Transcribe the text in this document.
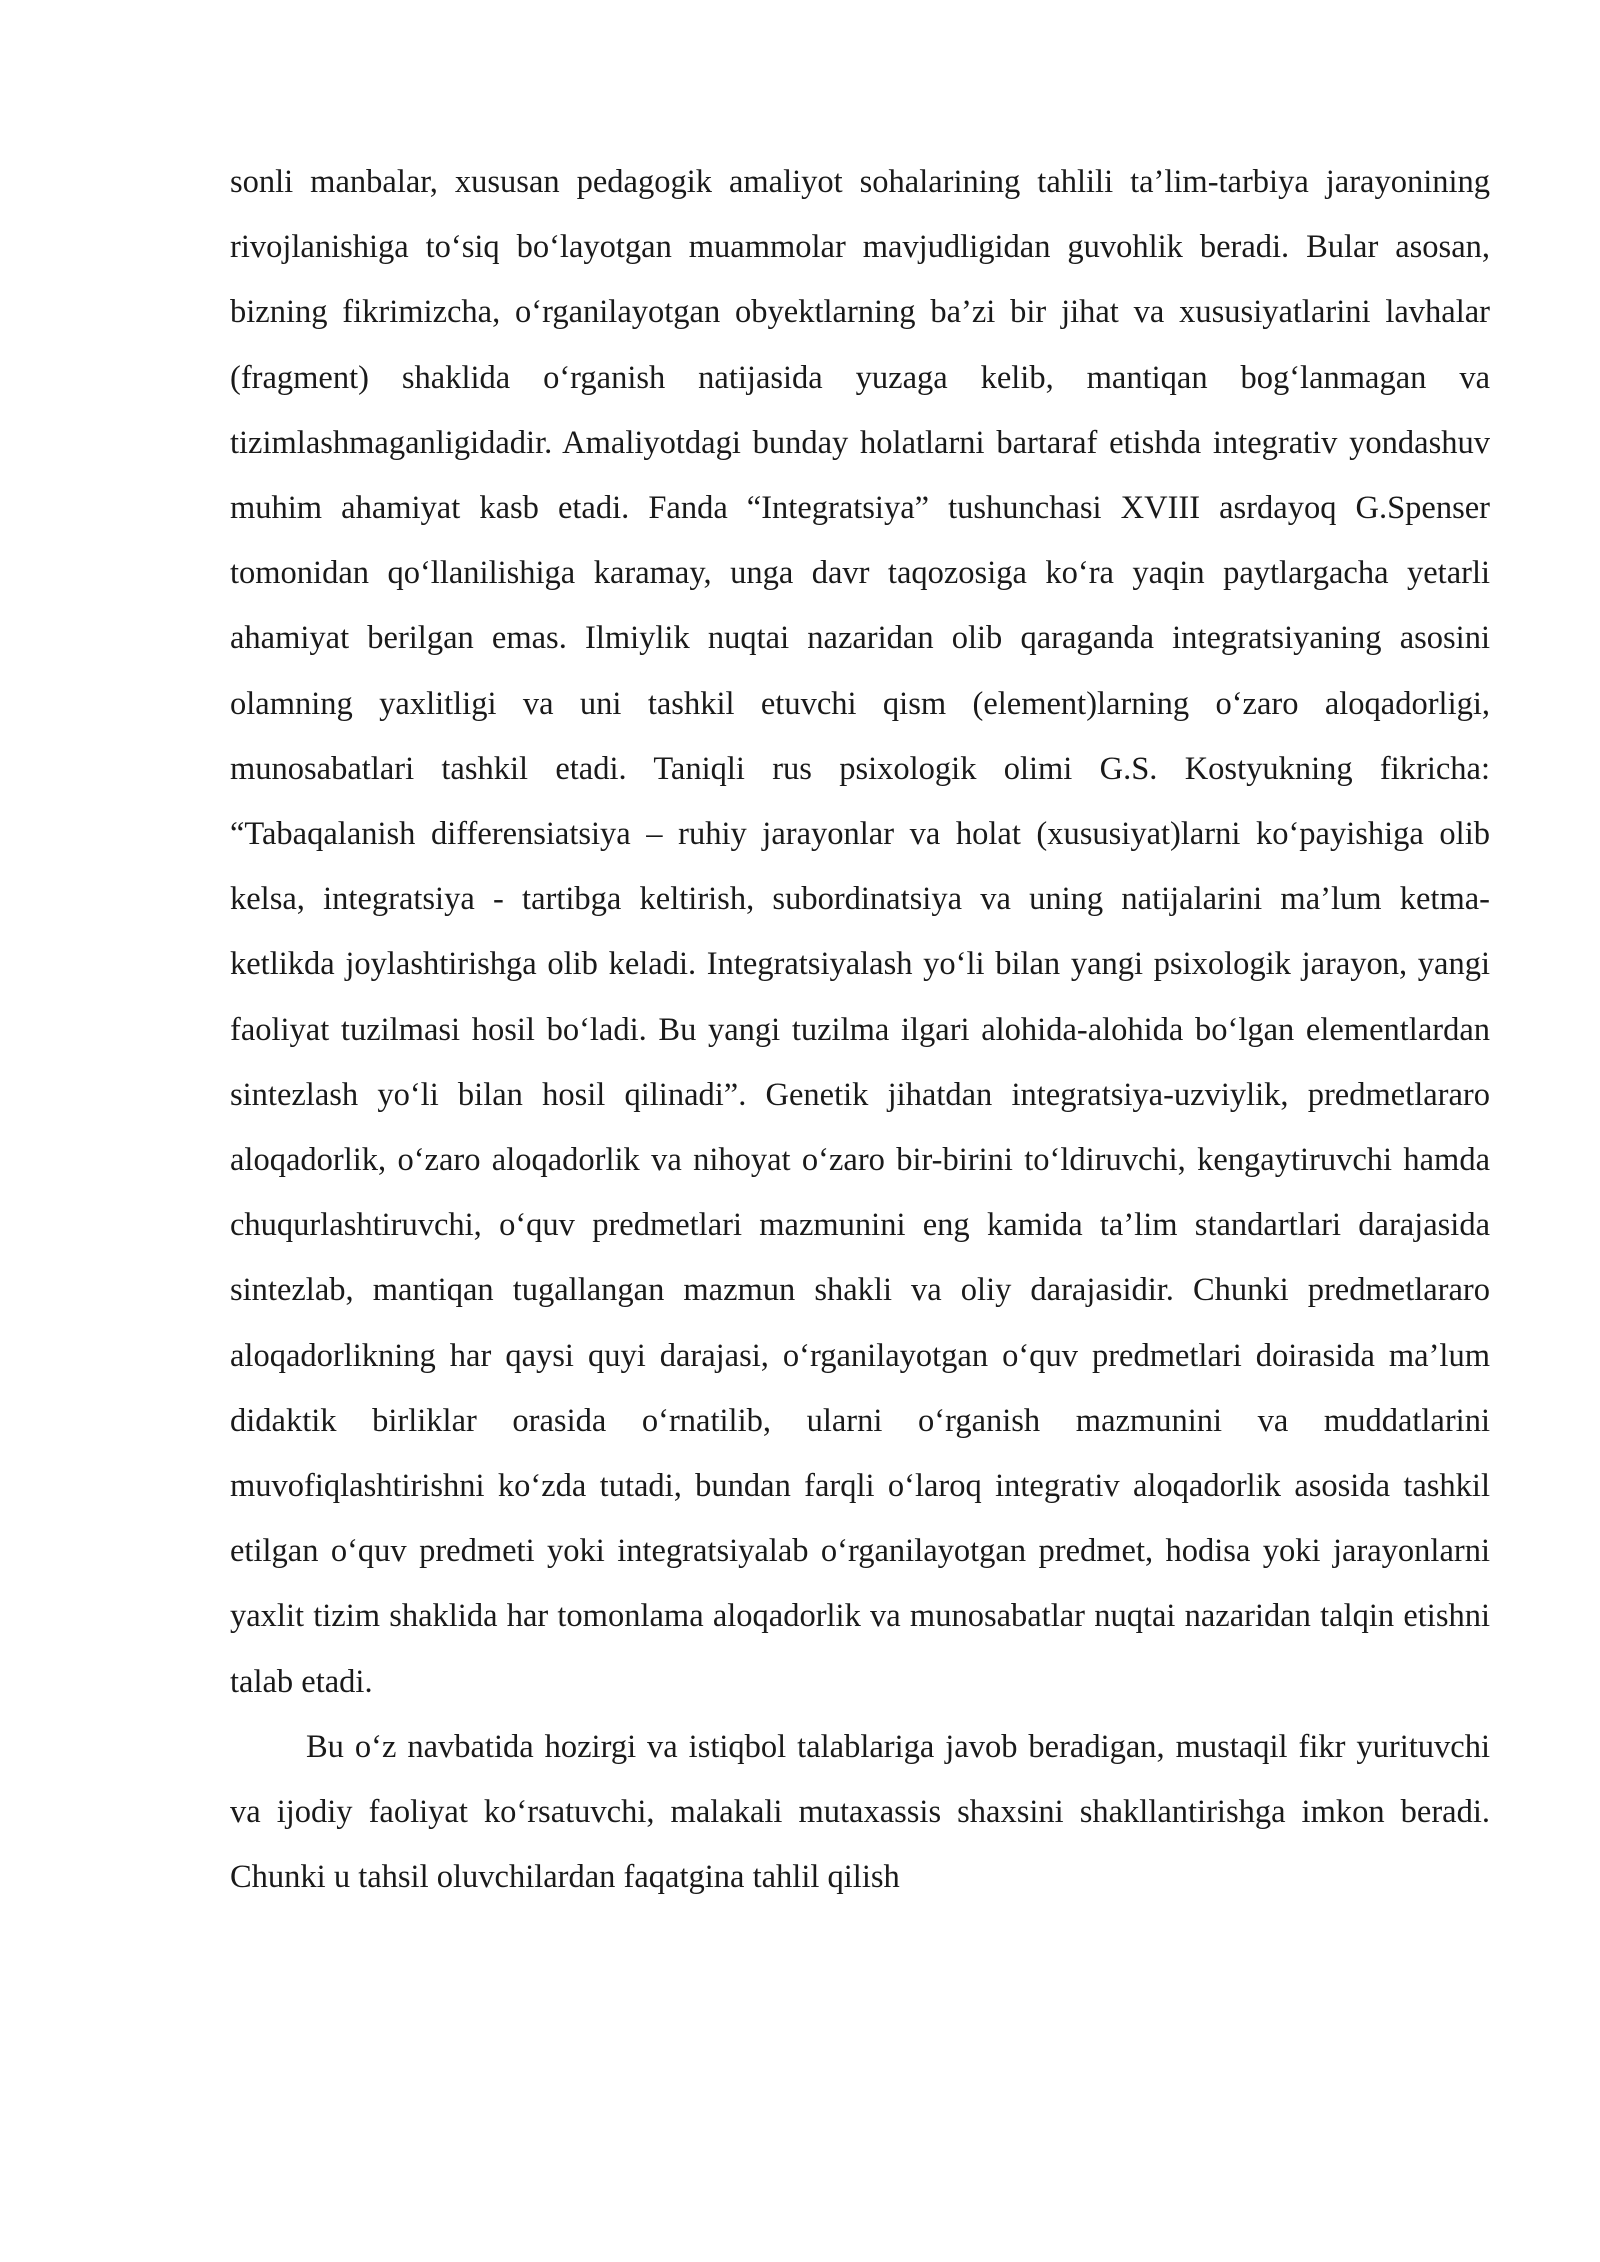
sonli manbalar, xususan pedagogik amaliyot sohalarining tahlili ta’lim-tarbiya jarayonining rivojlanishiga to‘siq bo‘layotgan muammolar mavjudligidan guvohlik beradi. Bular asosan, bizning fikrimizcha, o‘rganilayotgan obyektlarning ba’zi bir jihat va xususiyatlarini lavhalar (fragment) shaklida o‘rganish natijasida yuzaga kelib, mantiqan bog‘lanmagan va tizimlashmaganligidadir. Amaliyotdagi bunday holatlarni bartaraf etishda integrativ yondashuv muhim ahamiyat kasb etadi. Fanda “Integratsiya” tushunchasi XVIII asrdayoq G.Spenser tomonidan qo‘llanilishiga karamay, unga davr taqozosiga ko‘ra yaqin paytlargacha yetarli ahamiyat berilgan emas. Ilmiylik nuqtai nazaridan olib qaraganda integratsiyaning asosini olamning yaxlitligi va uni tashkil etuvchi qism (element)larning o‘zaro aloqadorligi, munosabatlari tashkil etadi. Taniqli rus psixologik olimi G.S. Kostyukning fikricha: “Tabaqalanish differensiatsiya – ruhiy jarayonlar va holat (xususiyat)larni ko‘payishiga olib kelsa, integratsiya - tartibga keltirish, subordinatsiya va uning natijalarini ma’lum ketma-ketlikda joylashtirishga olib keladi. Integratsiyalash yo‘li bilan yangi psixologik jarayon, yangi faoliyat tuzilmasi hosil bo‘ladi. Bu yangi tuzilma ilgari alohida-alohida bo‘lgan elementlardan sintezlash yo‘li bilan hosil qilinadi”. Genetik jihatdan integratsiya-uzviylik, predmetlararo aloqadorlik, o‘zaro aloqadorlik va nihoyat o‘zaro bir-birini to‘ldiruvchi, kengaytiruvchi hamda chuqurlashtiruvchi, o‘quv predmetlari mazmunini eng kamida ta’lim standartlari darajasida sintezlab, mantiqan tugallangan mazmun shakli va oliy darajasidir. Chunki predmetlararo aloqadorlikning har qaysi quyi darajasi, o‘rganilayotgan o‘quv predmetlari doirasida ma’lum didaktik birliklar orasida o‘rnatilib, ularni o‘rganish mazmunini va muddatlarini muvofiqlashtirishni ko‘zda tutadi, bundan farqli o‘laroq integrativ aloqadorlik asosida tashkil etilgan o‘quv predmeti yoki integratsiyalab o‘rganilayotgan predmet, hodisa yoki jarayonlarni yaxlit tizim shaklida har tomonlama aloqadorlik va munosabatlar nuqtai nazaridan talqin etishni talab etadi.

Bu o‘z navbatida hozirgi va istiqbol talablariga javob beradigan, mustaqil fikr yurituvchi va ijodiy faoliyat ko‘rsatuvchi, malakali mutaxassis shaxsini shakllantirishga imkon beradi. Chunki u tahsil oluvchilardan faqatgina tahlil qilish
